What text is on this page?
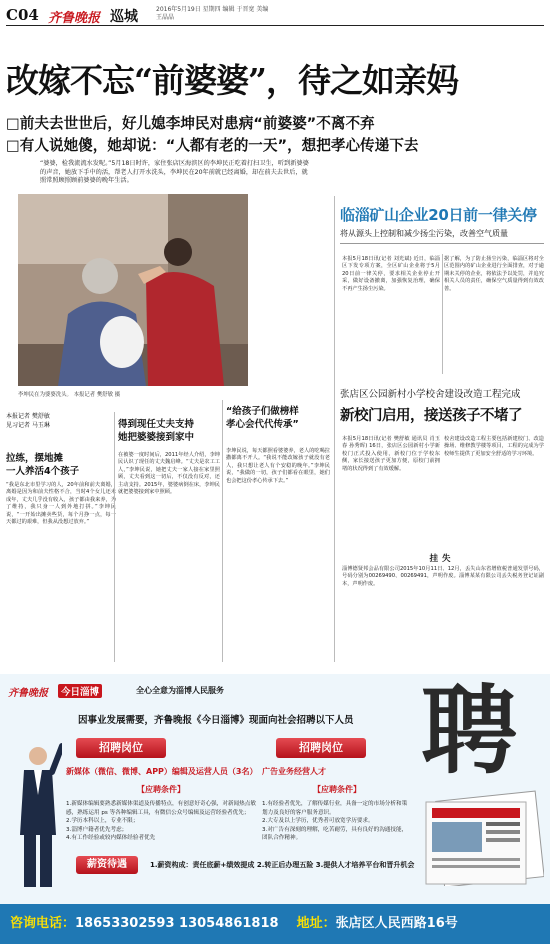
C04 齐鲁晚报 巡城	2016年5月19日 星期四 编辑 于晋宽 美编 王晶晶
改嫁不忘“前婆婆”，待之如亲妈
□前夫去世世后，好儿媳李坤民对患病“前婆婆”不离不弃
□有人说她傻，她却说：“人都有老的一天”，想把孝心传递下去
“婆婆，检我流流水发呢。”5月18日时许，家住张店区海滨区的李坤民正吃着打扫卫生，听到新婆婆的声音，她放下手中的活，帮老人打开水洗头，李坤民在20年前就已经离婚，却在前夫去世后，就照常照顾照顾前婆婆的晚年生活。
李坤民在为婆婆洗头。 本报记者 樊舒敏 摄
临淄矿山企业20日前一律关停
将从源头上控制和减少扬尘污染，改善空气质量
本报5月18日讯(记者 刘光斌) 近日，临淄区下发专项方案，全区矿山企业将于5月20日前一律关停，要求相关企业停止开采，做好设备撤离，加强恢复治理，确保不再产生扬尘污染。
据了解，为了防止扬尘污染，临淄区将对全区范围内的矿山企业进行全面排查，对于逾期未关停的企业，将依法予以处罚，并追究相关人员的责任，确保空气质量得到有效改善。
张店区公园新村小学校舍建设改造工程完成
新校门启用，接送孩子不堵了
本报5月18日讯(记者 樊舒敏 通讯员 肖玉春 孙秀晖) 16日，张店区公园新村小学新校门正式投入使用，新校门位于学校东侧，家长接送孩子更加方便，原校门前拥堵的状况得到了有效缓解。
校舍建设改造工程主要包括新建校门、改造操场、维修教学楼等项目，工程的完成为学校师生提供了更加安全舒适的学习环境。
挂失
淄博德贤邦会品有限公司2015年10月11日、12月，丢失山东省增值税普通发票号码，号码分别为00269490、00269491，声明作废。淄博某某有限公司丢失税务登记证副本，声明作废。
本报记者 樊舒敏
见习记者 马玉琳
拉练，摆地摊
一人养活4个孩子
“我是东北市里学习的人，20年前和前夫离婚，离婚是因为和前夫性格不合，当时4个女儿还未成年，丈夫几乎没有收入，孩子都由我来养，为了维持，我只身一人到外地打拼。”李坤民说，“一开始出摊卖些货，每个月挣一点，每一天都过的艰难，但我从没想过放弃。”
得到现任丈夫支持
她把婆婆接到家中
在被婆一度时间后，2011年经人介绍，李坤民认识了现任的丈夫魏启峰。“丈夫是农工工人，”李坤民说，她把丈夫一家人接在家里照顾，丈夫看到这一切后，不仅没有反对，还主动支持。2015年，婆婆病倒在床，李坤民就把婆婆接到家中照顾。
“给孩子们做榜样
孝心会代代传承”
李坤民说，每天都照看婆婆养，老人的吃喝拉撒都离不开人。“我说不能改嫁孩子就没有老人，我只想让老人有个安稳的晚年。”李坤民说，“我做的一切，孩子们都看在眼里，她们也会把这份孝心传承下去。”
齐鲁晚报	今日淄博	全心全意为淄博人民服务
因事业发展需要，齐鲁晚报《今日淄博》现面向社会招聘以下人员 聘
招聘岗位	招聘岗位
新媒体（微信、微博、APP）编辑及运营人员（3名） 广告业务经营人才
【应聘条件】	【应聘条件】
1.新媒体编辑要熟悉新媒体渠道及传播特点，有创意好奇心强，对新闻热点敏感，熟练运用 ps 等各种编辑工具，有微信公众号编辑及运营经验者优先；
2.学历本科以上，专业不限；
3.淄博户籍者优先考虑；
4.有工作经验或较内媒体经验者优先
1.有经验者优先，了解传媒行业，具备一定的市场分析和策划力及良好的客户服务意识。
2.大专及以上学历，优秀者可放宽学历要求。
3.对广告有深刻的理解，吃苦耐劳，具有良好的沟通技能，团队合作精神。
薪资待遇	1.薪资构成：责任底薪+绩效提成 2.转正后办理五险 3.提供人才培养平台和晋升机会
咨询电话：18653302593 13054861818 地址：张店区人民西路16号
